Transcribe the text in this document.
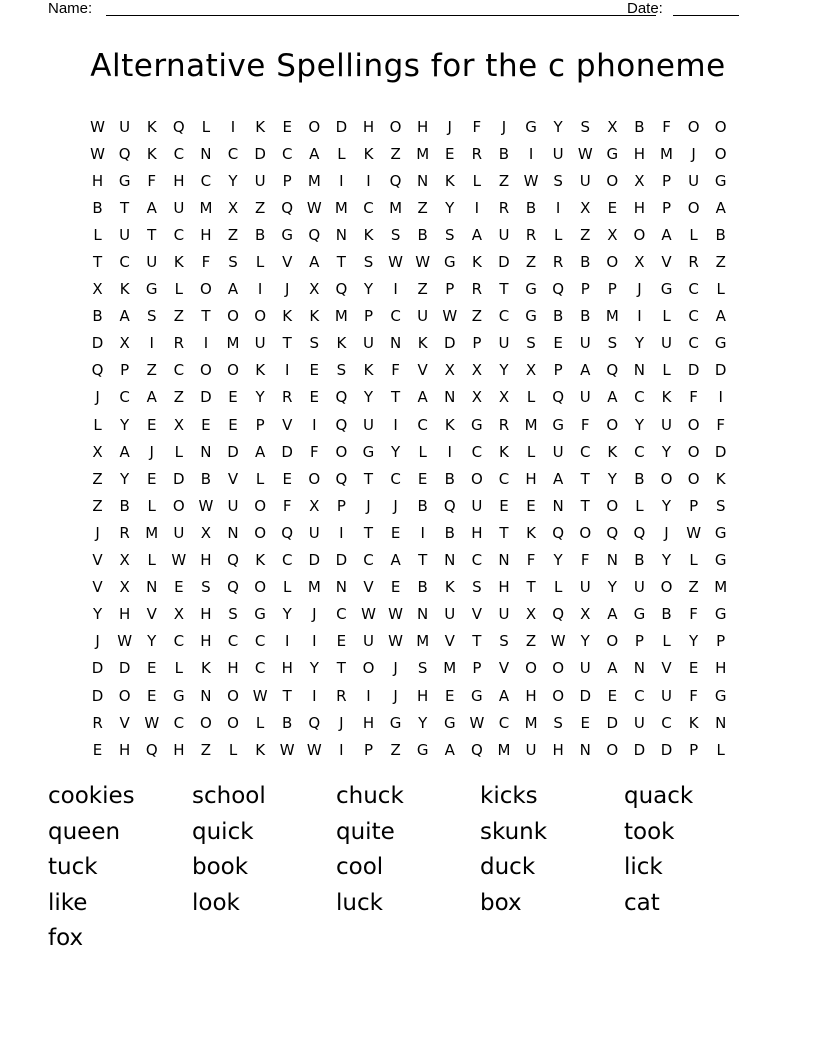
Name:	Date:
Alternative Spellings for the c phoneme
W U	K	Q	L	I	K	E	O	D	H	O	H	J	F	J	G	Y	S	X	B	F	O	O
W Q	K	C	N	C	D	C	A	L	K	Z	M	E	R	B	I	U W G	H M	J	O
H	G	F	H	C	Y	U	P	M	I	I	Q	N	K	L	Z W S	U	O	X	P	U	G
B	T	A	U	M	X	Z	Q W M	C	M	Z	Y	I	R	B	I	X	E	H	P	O	A
L	U	T	C	H	Z	B	G	Q	N	K	S	B	S	A	U	R	L	Z	X	O	A	L	B
T	C	U	K	F	S	L	V	A	T	S W W G	K	D	Z	R	B	O	X	V	R	Z
X	K	G	L	O	A	I	J	X	Q	Y	I	Z	P	R	T	G	Q	P	P	J	G	C	L
B	A	S	Z	T	O	O	K	K	M	P	C	U W Z	C	G	B	B	M	I	L	C	A
D	X	I	R	I	M	U	T	S	K	U	N	K	D	P	U	S	E	U	S	Y	U	C	G
Q	P	Z	C	O	O	K	I	E	S	K	F	V	X	X	Y	X	P	A	Q	N	L	D	D
J	C	A	Z	D	E	Y	R	E	Q	Y	T	A	N	X	X	L	Q	U	A	C	K	F	I
L	Y	E	X	E	E	P	V	I	Q	U	I	C	K	G	R	M G	F	O	Y	U	O	F
X	A	J	L	N	D	A	D	F	O	G	Y	L	I	C	K	L	U	C	K	C	Y	O	D
Z	Y	E	D	B	V	L	E	O	Q	T	C	E	B	O	C	H	A	T	Y	B	O	O	K
Z	B	L	O W U	O	F	X	P	J	J	B	Q	U	E	E	N	T	O	L	Y	P	S
J	R	M	U	X	N	O	Q	U	I	T	E	I	B	H	T	K	Q	O	Q	Q	J	W G
V	X	L	W H	Q	K	C	D	D	C	A	T	N	C	N	F	Y	F	N	B	Y	L	G
V	X	N	E	S	Q	O	L	M	N	V	E	B	K	S	H	T	L	U	Y	U	O	Z	M
Y	H	V	X	H	S	G	Y	J	C W W N	U	V	U	X	Q	X	A	G	B	F	G
J	W	Y	C	H	C	C	I	I	E	U W M	V	T	S	Z W	Y	O	P	L	Y	P
D	D	E	L	K	H	C	H	Y	T	O	J	S	M	P	V	O	O	U	A	N	V	E	H
D	O	E	G	N	O W	T	I	R	I	J	H	E	G	A	H	O	D	E	C	U	F	G
R	V W C	O	O	L	B	Q	J	H	G	Y	G W C	M	S	E	D	U	C	K	N
E	H	Q	H	Z	L	K W W	I	P	Z	G	A	Q M	U	H	N	O	D	D	P	L
cookies	school	chuck	kicks	quack
queen	quick	quite	skunk	took
tuck	book	cool	duck	lick
like	look	luck	box	cat
fox
